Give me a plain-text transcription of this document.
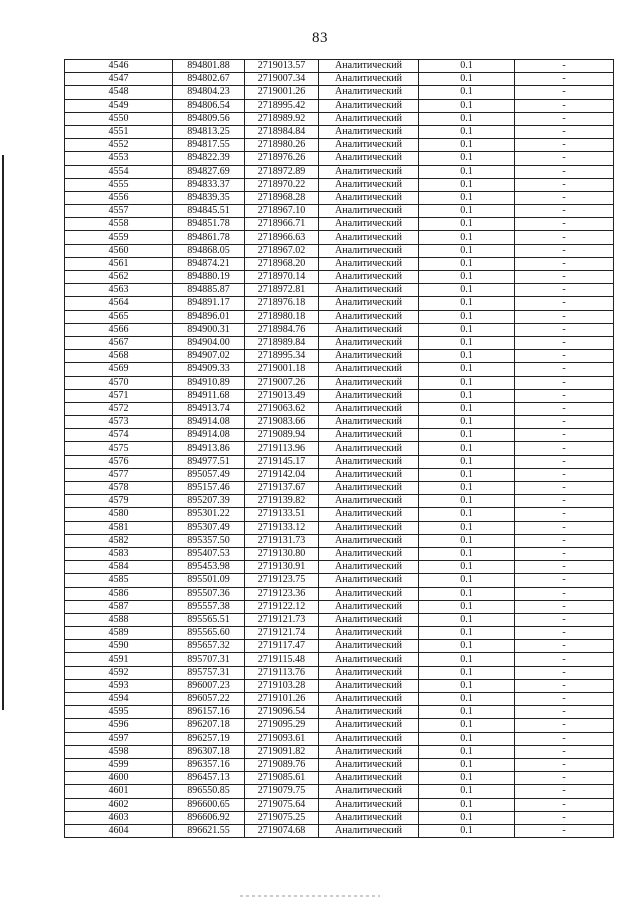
83
4546	894801.88	2719013.57	Аналитический	0.1	-
4547	894802.67	2719007.34	Аналитический	0.1	-
4548	894804.23	2719001.26	Аналитический	0.1	-
4549	894806.54	2718995.42	Аналитический	0.1	-
4550	894809.56	2718989.92	Аналитический	0.1	-
4551	894813.25	2718984.84	Аналитический	0.1	-
4552	894817.55	2718980.26	Аналитический	0.1	-
4553	894822.39	2718976.26	Аналитический	0.1	-
4554	894827.69	2718972.89	Аналитический	0.1	-
4555	894833.37	2718970.22	Аналитический	0.1	-
4556	894839.35	2718968.28	Аналитический	0.1	-
4557	894845.51	2718967.10	Аналитический	0.1	-
4558	894851.78	2718966.71	Аналитический	0.1	-
4559	894861.78	2718966.63	Аналитический	0.1	-
4560	894868.05	2718967.02	Аналитический	0.1	-
4561	894874.21	2718968.20	Аналитический	0.1	-
4562	894880.19	2718970.14	Аналитический	0.1	-
4563	894885.87	2718972.81	Аналитический	0.1	-
4564	894891.17	2718976.18	Аналитический	0.1	-
4565	894896.01	2718980.18	Аналитический	0.1	-
4566	894900.31	2718984.76	Аналитический	0.1	-
4567	894904.00	2718989.84	Аналитический	0.1	-
4568	894907.02	2718995.34	Аналитический	0.1	-
4569	894909.33	2719001.18	Аналитический	0.1	-
4570	894910.89	2719007.26	Аналитический	0.1	-
4571	894911.68	2719013.49	Аналитический	0.1	-
4572	894913.74	2719063.62	Аналитический	0.1	-
4573	894914.08	2719083.66	Аналитический	0.1	-
4574	894914.08	2719089.94	Аналитический	0.1	-
4575	894913.86	2719113.96	Аналитический	0.1	-
4576	894977.51	2719145.17	Аналитический	0.1	-
4577	895057.49	2719142.04	Аналитический	0.1	-
4578	895157.46	2719137.67	Аналитический	0.1	-
4579	895207.39	2719139.82	Аналитический	0.1	-
4580	895301.22	2719133.51	Аналитический	0.1	-
4581	895307.49	2719133.12	Аналитический	0.1	-
4582	895357.50	2719131.73	Аналитический	0.1	-
4583	895407.53	2719130.80	Аналитический	0.1	-
4584	895453.98	2719130.91	Аналитический	0.1	-
4585	895501.09	2719123.75	Аналитический	0.1	-
4586	895507.36	2719123.36	Аналитический	0.1	-
4587	895557.38	2719122.12	Аналитический	0.1	-
4588	895565.51	2719121.73	Аналитический	0.1	-
4589	895565.60	2719121.74	Аналитический	0.1	-
4590	895657.32	2719117.47	Аналитический	0.1	-
4591	895707.31	2719115.48	Аналитический	0.1	-
4592	895757.31	2719113.76	Аналитический	0.1	-
4593	896007.23	2719103.28	Аналитический	0.1	-
4594	896057.22	2719101.26	Аналитический	0.1	-
4595	896157.16	2719096.54	Аналитический	0.1	-
4596	896207.18	2719095.29	Аналитический	0.1	-
4597	896257.19	2719093.61	Аналитический	0.1	-
4598	896307.18	2719091.82	Аналитический	0.1	-
4599	896357.16	2719089.76	Аналитический	0.1	-
4600	896457.13	2719085.61	Аналитический	0.1	-
4601	896550.85	2719079.75	Аналитический	0.1	-
4602	896600.65	2719075.64	Аналитический	0.1	-
4603	896606.92	2719075.25	Аналитический	0.1	-
4604	896621.55	2719074.68	Аналитический	0.1	-
